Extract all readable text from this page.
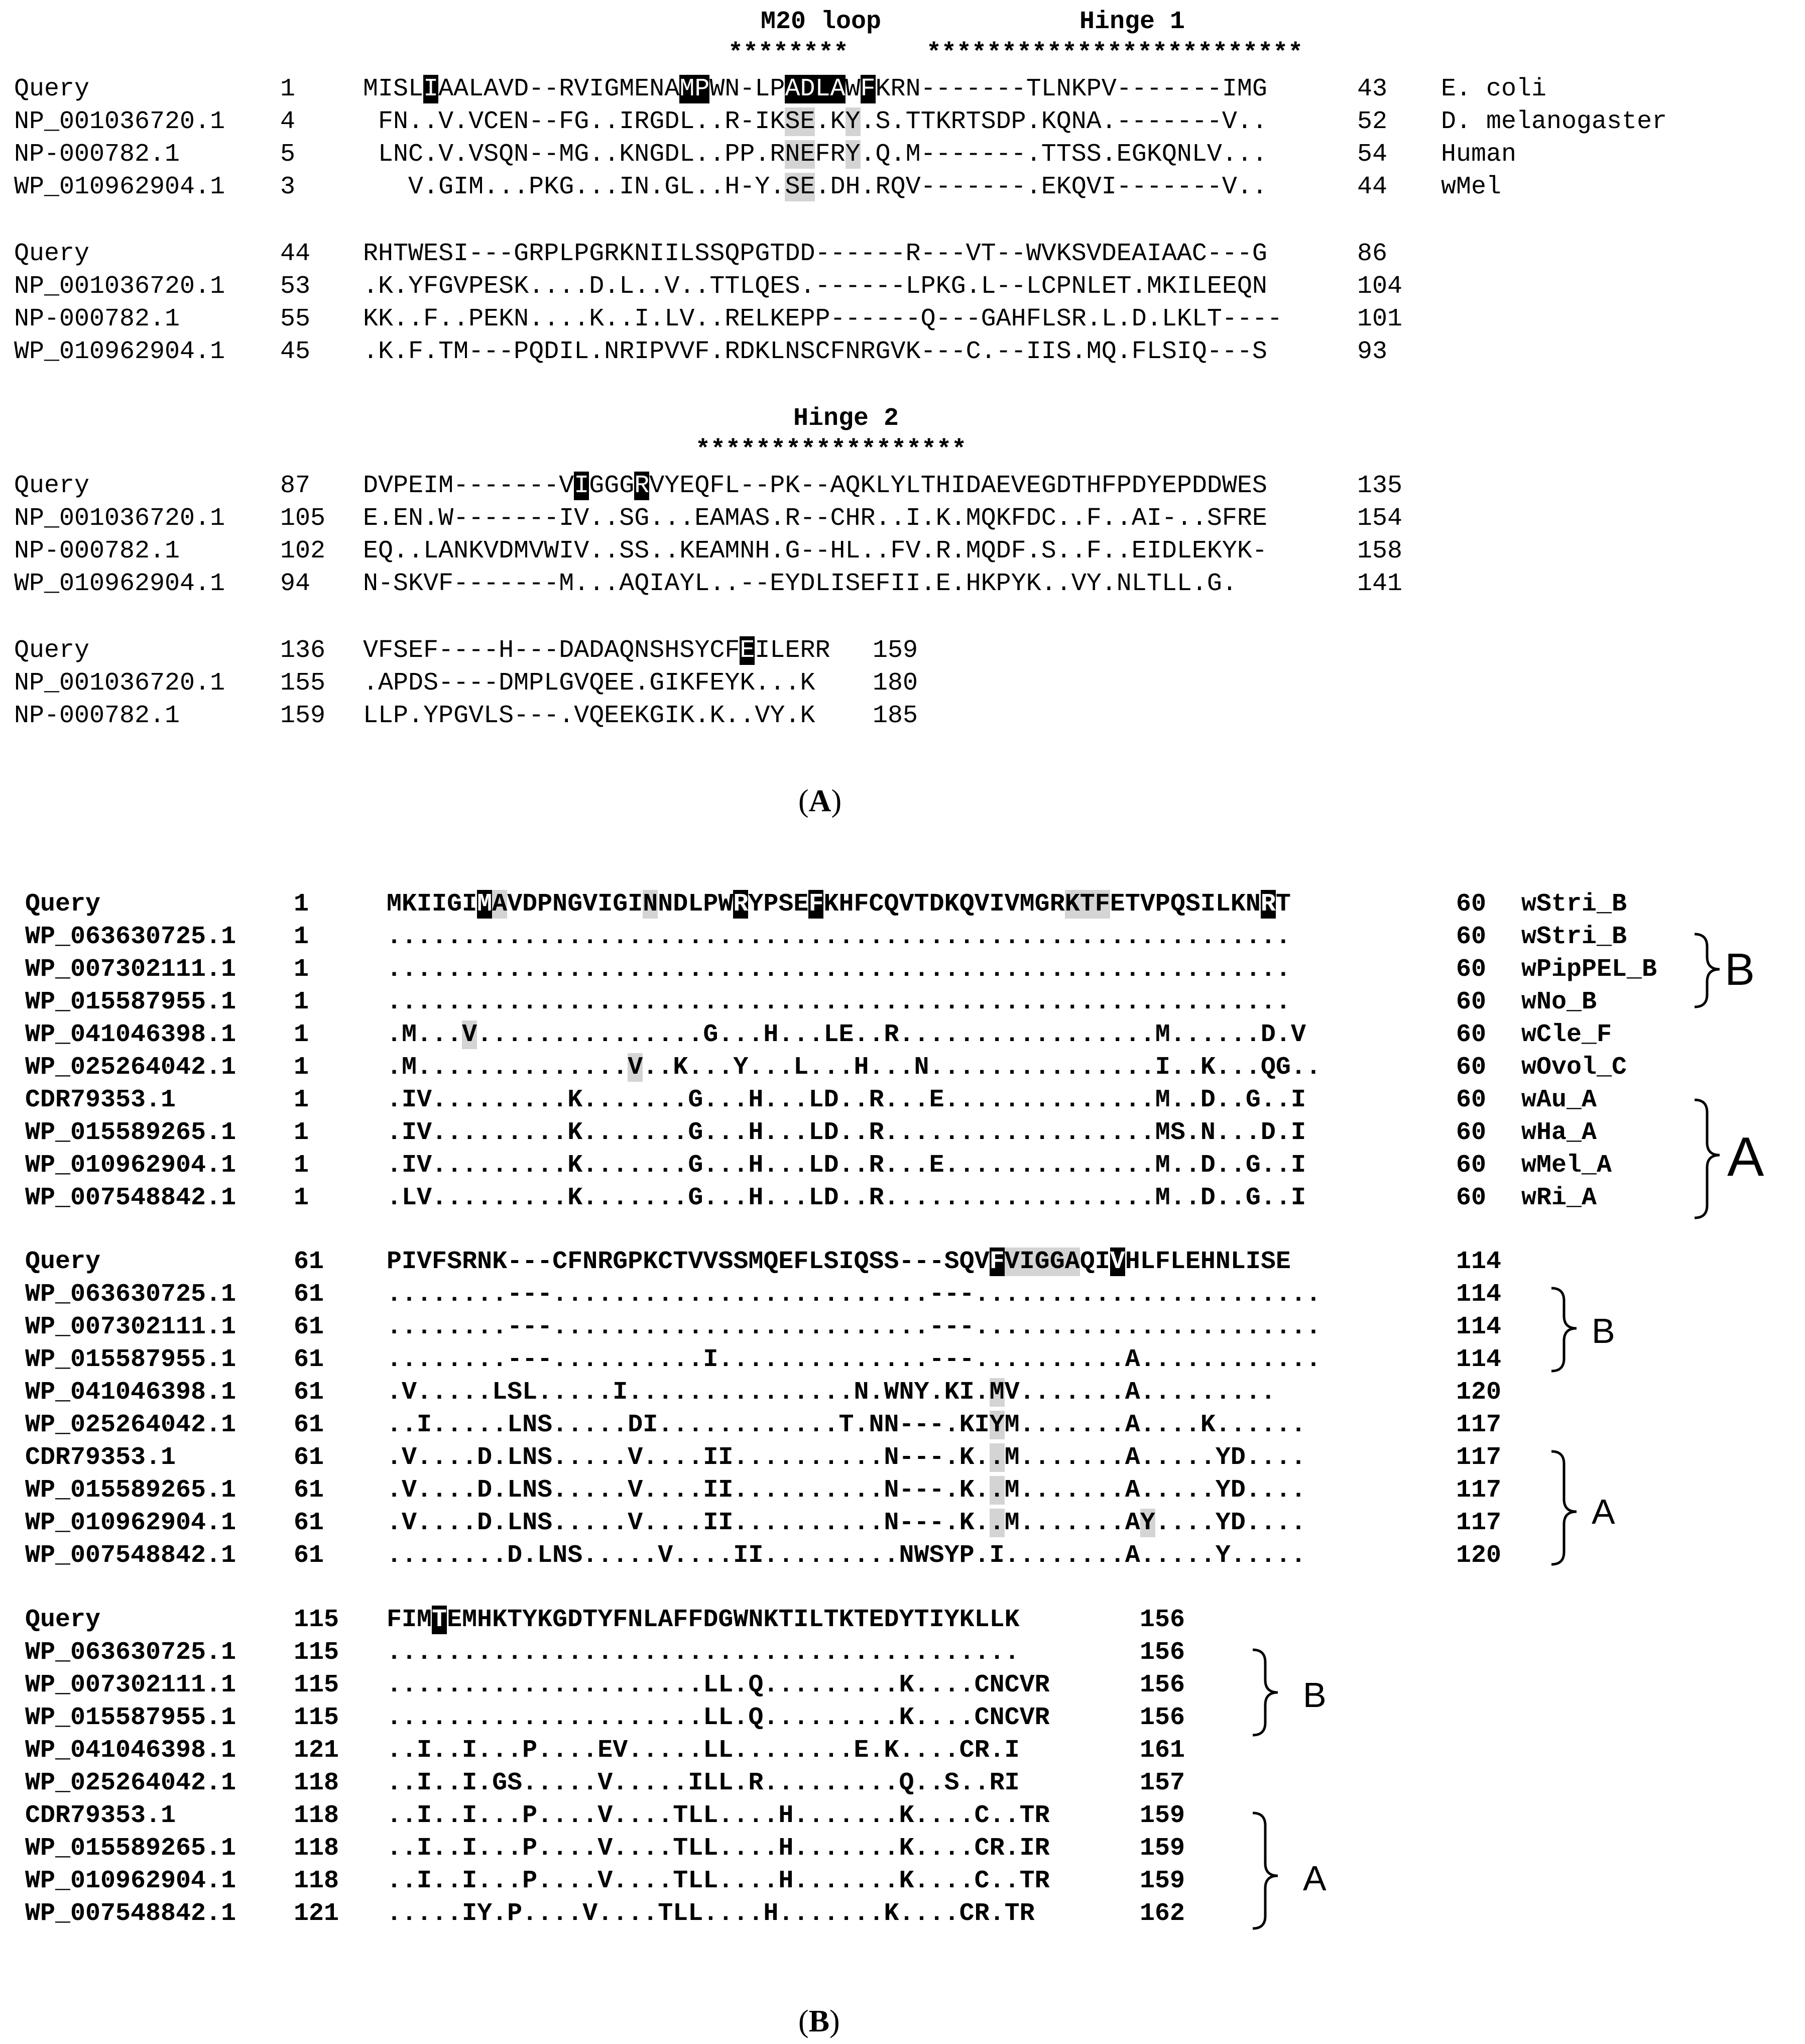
Query	1	MISLIAALAVD--RVIGMENAMPWN-LPADLAWFKRN-------TLNKPV-------IMG	43 E. coli
NP_001036720.1 4	FN..V.VCEN--FG..IRGDL..R-IKSE.KY.S.TTKRTSDP.KQNA.-------V..	52 D. melanogaster
NP-000782.1	5	LNC.V.VSQN--MG..KNGDL..PP.RNEFRY.Q.M-------.TTSS.EGKQNLV...	54 Human
WP_010962904.1 3	V.GIM...PKG...IN.GL..H-Y.SE.DH.RQV-------.EKQVI-------V..	44 wMel
Query	44 RHTWESI---GRPLPGRKNIILSSQPGTDD------R---VT--WVKSVDEAIAAC---G	86
NP_001036720.1 53 .K.YFGVPESK....D.L..V..TTLQES.------LPKG.L--LCPNLET.MKILEEQN	104
NP-000782.1	55 KK..F..PEKN....K..I.LV..RELKEPP------Q---GAHFLSR.L.D.LKLT----	101
WP_010962904.1 45 .K.F.TM---PQDIL.NRIPVVF.RDKLNSCFNRGVK---C.--IIS.MQ.FLSIQ---S	93
Query	87 DVPEIM-------VIGGGRVYEQFL--PK--AQKLYLTHIDAEVEGDTHFPDYEPDDWES	135
NP_001036720.1 105 E.EN.W-------IV..SG...EAMAS.R--CHR..I.K.MQKFDC..F..AI-..SFRE	154
NP-000782.1	102 EQ..LANKVDMVWIV..SS..KEAMNH.G--HL..FV.R.MQDF.S..F..EIDLEKYK-	158
WP_010962904.1 94 N-SKVF-------M...AQIAYL..--EYDLISEFII.E.HKPYK..VY.NLTLL.G.	141
Query	136 VFSEF----H---DADAQNSHSYCFEILERR 159
NP_001036720.1 155 .APDS----DMPLGVQEE.GIKFEYK...K 180
NP-000782.1	159 LLP.YPGVLS---.VQEEKGIK.K..VY.K 185
Query	1	MKIIGIMAVDPNGVIGINNDLPWRYPSEFKHFCQVTDKQVIVMGRKTFETVPQSILKNRT	60 wStri_B
WP_063630725.1 1	............................................................	60 wStri_B
WP_007302111.1 1	............................................................	60 wPipPEL_B
WP_015587955.1 1	............................................................	60 wNo_B
WP_041046398.1 1	.M...V...............G...H...LE..R.................M......D.V	60 wCle_F
WP_025264042.1 1	.M..............V..K...Y...L...H...N...............I..K...QG..	60 wOvol_C
CDR79353.1	1	.IV.........K.......G...H...LD..R...E..............M..D..G..I	60 wAu_A
WP_015589265.1 1	.IV.........K.......G...H...LD..R..................MS.N...D.I	60 wHa_A
WP_010962904.1 1	.IV.........K.......G...H...LD..R...E..............M..D..G..I	60 wMel_A
WP_007548842.1 1	.LV.........K.......G...H...LD..R..................M..D..G..I	60 wRi_A
Query	61 PIVFSRNK---CFNRGPKCTVVSSMQEFLSIQSS---SQVFVIGGAQIVHLFLEHNLISE	114
WP_063630725.1 61 ........---.........................---.......................	114
WP_007302111.1 61 ........---.........................---.......................	114
WP_015587955.1 61 ........---..........I..............---..........A............	114
WP_041046398.1 61 .V.....LSL.....I...............N.WNY.KI.MV.......A.........	120
WP_025264042.1 61 ..I.....LNS.....DI............T.NN---.KIYM.......A....K......	117
CDR79353.1	61 .V....D.LNS.....V....II..........N---.K..M.......A.....YD....	117
WP_015589265.1 61 .V....D.LNS.....V....II..........N---.K..M.......A.....YD....	117
WP_010962904.1 61 .V....D.LNS.....V....II..........N---.K..M.......AY....YD....	117
WP_007548842.1 61 ........D.LNS.....V....II.........NWSYP.I........A.....Y.....	120
Query	115 FIMTEMHKTYKGDTYFNLAFFDGWNKTILTKTEDYTIYKLLK	156
WP_063630725.1 115 ..........................................	156
WP_007302111.1 115 .....................LL.Q.........K....CNCVR	156
WP_015587955.1 115 .....................LL.Q.........K....CNCVR	156
WP_041046398.1 121 ..I..I...P....EV.....LL........E.K....CR.I	161
WP_025264042.1 118 ..I..I.GS.....V.....ILL.R.........Q..S..RI	157
CDR79353.1	118 ..I..I...P....V....TLL....H.......K....C..TR	159
WP_015589265.1 118 ..I..I...P....V....TLL....H.......K....CR.IR	159
WP_010962904.1 118 ..I..I...P....V....TLL....H.......K....C..TR	159
WP_007548842.1 121 .....IY.P....V....TLL....H.......K....CR.TR	162
M20 loop	Hinge 1
********	*************************
Hinge 2
******************
(A)
(B)
B
A
B
A
B
A
